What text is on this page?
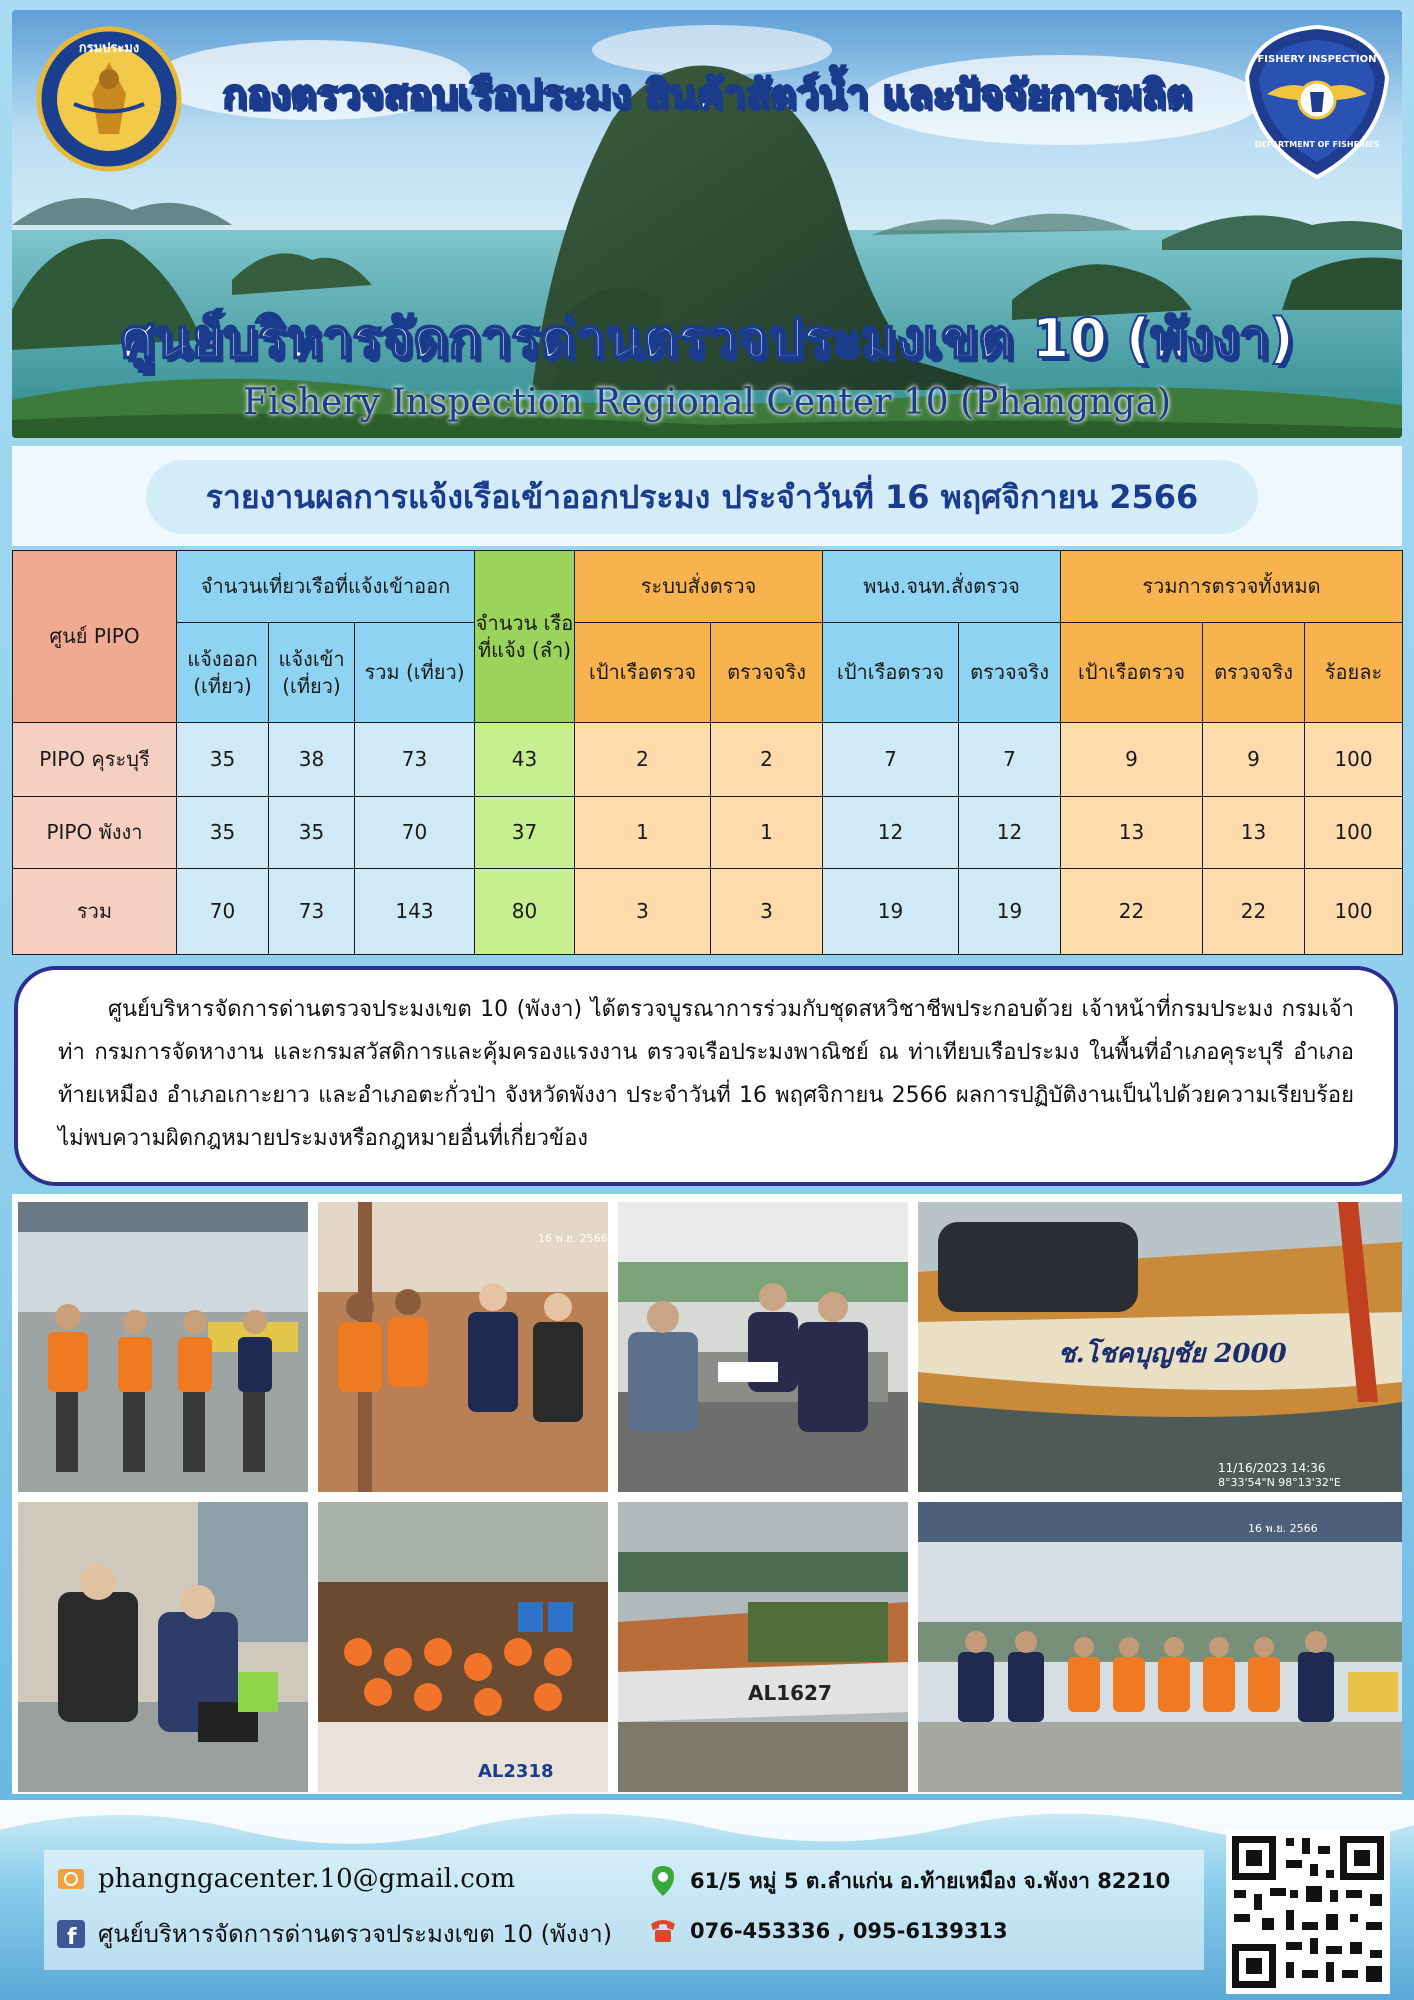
กรมประมง
FISHERY INSPECTION
DEPARTMENT OF FISHERIES
กองตรวจสอบเรือประมง สินค้าสัตว์น้ำ และปัจจัยการผลิต
ศูนย์บริหารจัดการด่านตรวจประมงเขต 10 (พังงา)
Fishery Inspection Regional Center 10 (Phangnga)
รายงานผลการแจ้งเรือเข้าออกประมง ประจำวันที่ 16 พฤศจิกายน 2566
ศูนย์ PIPO	จำนวนเที่ยวเรือที่แจ้งเข้าออก			จำนวน เรือที่แจ้ง (ลำ)	ระบบสั่งตรวจ		พนง.จนท.สั่งตรวจ		รวมการตรวจทั้งหมด		
	แจ้งออก (เที่ยว)	แจ้งเข้า (เที่ยว)	รวม (เที่ยว)		เป้าเรือตรวจ	ตรวจจริง	เป้าเรือตรวจ	ตรวจจริง	เป้าเรือตรวจ	ตรวจจริง	ร้อยละ
PIPO คุระบุรี	35	38	73	43	2	2	7	7	9	9	100
PIPO พังงา	35	35	70	37	1	1	12	12	13	13	100
รวม	70	73	143	80	3	3	19	19	22	22	100
ศูนย์บริหารจัดการด่านตรวจประมงเขต 10 (พังงา) ได้ตรวจบูรณาการร่วมกับชุดสหวิชาชีพประกอบด้วย เจ้าหน้าที่กรมประมง กรมเจ้าท่า กรมการจัดหางาน และกรมสวัสดิการและคุ้มครองแรงงาน ตรวจเรือประมงพาณิชย์ ณ ท่าเทียบเรือประมง ในพื้นที่อำเภอคุระบุรี อำเภอท้ายเหมือง อำเภอเกาะยาว และอำเภอตะกั่วป่า จังหวัดพังงา ประจำวันที่ 16 พฤศจิกายน 2566 ผลการปฏิบัติงานเป็นไปด้วยความเรียบร้อย ไม่พบความผิดกฎหมายประมงหรือกฎหมายอื่นที่เกี่ยวข้อง
16 พ.ย. 2566
ช.โชคบุญชัย 2000
11/16/2023 14:36
8°33'54"N 98°13'32"E
AL2318
AL1627
16 พ.ย. 2566
phangngacenter.10@gmail.com
f ศูนย์บริหารจัดการด่านตรวจประมงเขต 10 (พังงา)
61/5 หมู่ 5 ต.ลำแก่น อ.ท้ายเหมือง จ.พังงา 82210
076-453336 , 095-6139313
